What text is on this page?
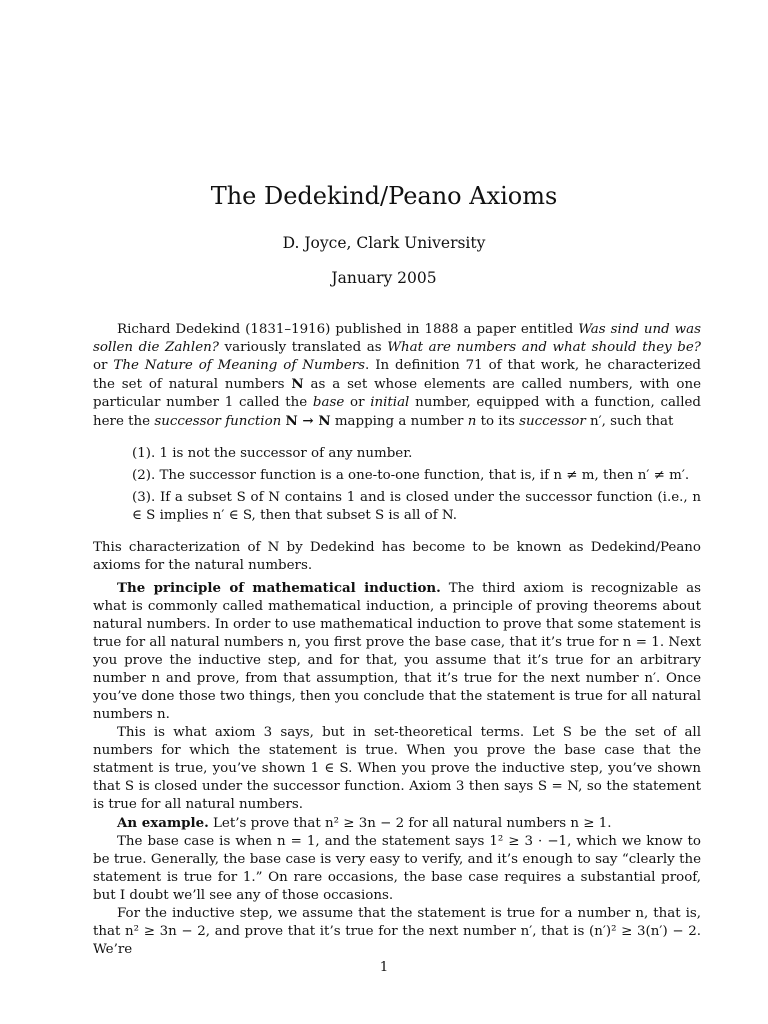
The Dedekind/Peano Axioms
D. Joyce, Clark University
January 2005

Richard Dedekind (1831–1916) published in 1888 a paper entitled Was sind und was sollen die Zahlen? variously translated as What are numbers and what should they be? or The Nature of Meaning of Numbers. In definition 71 of that work, he characterized the set of natural numbers N as a set whose elements are called numbers, with one particular number 1 called the base or initial number, equipped with a function, called here the successor function N → N mapping a number n to its successor n′, such that

(1). 1 is not the successor of any number.
(2). The successor function is a one-to-one function, that is, if n ≠ m, then n′ ≠ m′.
(3). If a subset S of N contains 1 and is closed under the successor function (i.e., n ∈ S implies n′ ∈ S, then that subset S is all of N.

This characterization of N by Dedekind has become to be known as Dedekind/Peano axioms for the natural numbers.

The principle of mathematical induction. The third axiom is recognizable as what is commonly called mathematical induction, a principle of proving theorems about natural numbers. In order to use mathematical induction to prove that some statement is true for all natural numbers n, you first prove the base case, that it’s true for n = 1. Next you prove the inductive step, and for that, you assume that it’s true for an arbitrary number n and prove, from that assumption, that it’s true for the next number n′. Once you’ve done those two things, then you conclude that the statement is true for all natural numbers n.

This is what axiom 3 says, but in set-theoretical terms. Let S be the set of all numbers for which the statement is true. When you prove the base case that the statment is true, you’ve shown 1 ∈ S. When you prove the inductive step, you’ve shown that S is closed under the successor function. Axiom 3 then says S = N, so the statement is true for all natural numbers.

An example. Let’s prove that n² ≥ 3n − 2 for all natural numbers n ≥ 1.

The base case is when n = 1, and the statement says 1² ≥ 3 · −1, which we know to be true. Generally, the base case is very easy to verify, and it’s enough to say “clearly the statement is true for 1.” On rare occasions, the base case requires a substantial proof, but I doubt we’ll see any of those occasions.

For the inductive step, we assume that the statement is true for a number n, that is, that n² ≥ 3n − 2, and prove that it’s true for the next number n′, that is (n′)² ≥ 3(n′) − 2. We’re

1
